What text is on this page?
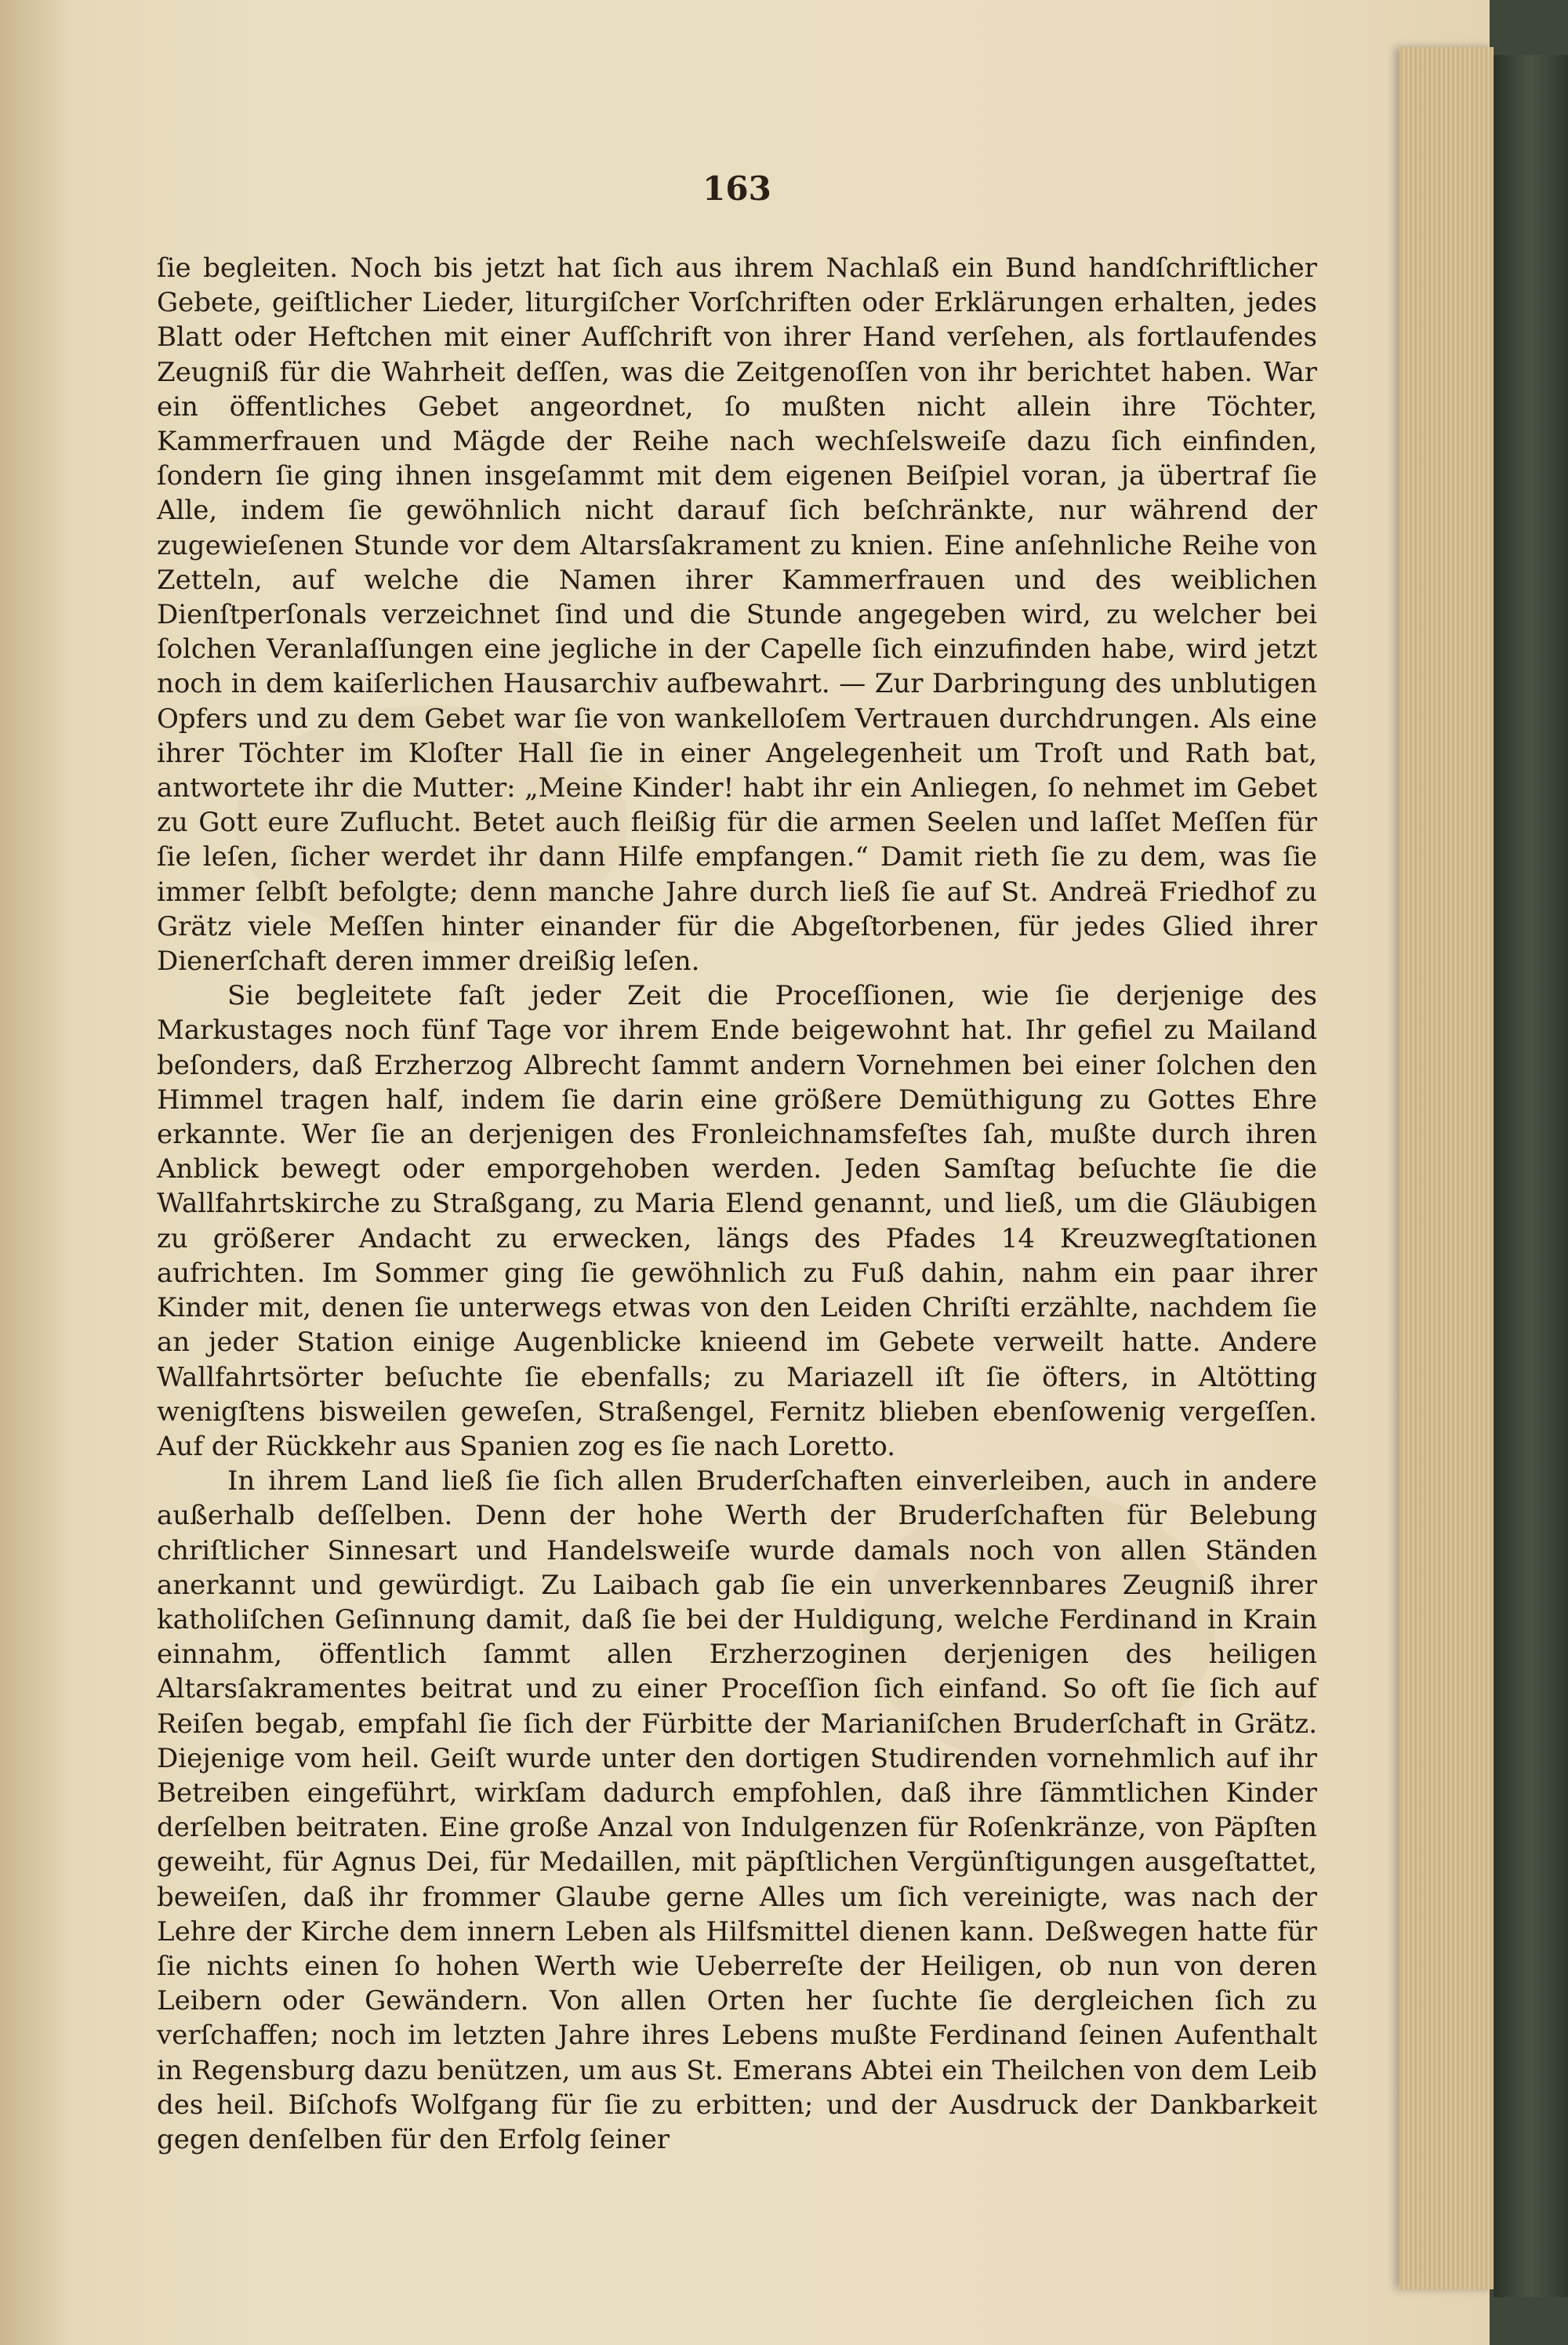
163

ſie begleiten. Noch bis jetzt hat ſich aus ihrem Nachlaß ein Bund handſchriftlicher Gebete, geiſtlicher Lieder, liturgiſcher Vorſchriften oder Erklärungen erhalten, jedes Blatt oder Heftchen mit einer Aufſchrift von ihrer Hand verſehen, als fortlaufendes Zeugniß für die Wahrheit deſſen, was die Zeitgenoſſen von ihr berichtet haben. War ein öffentliches Gebet angeordnet, ſo mußten nicht allein ihre Töchter, Kammerfrauen und Mägde der Reihe nach wechſelsweiſe dazu ſich einfinden, ſondern ſie ging ihnen insgeſammt mit dem eigenen Beiſpiel voran, ja übertraf ſie Alle, indem ſie gewöhnlich nicht darauf ſich beſchränkte, nur während der zugewieſenen Stunde vor dem Altarsſakrament zu knien. Eine anſehnliche Reihe von Zetteln, auf welche die Namen ihrer Kammerfrauen und des weiblichen Dienſtperſonals verzeichnet ſind und die Stunde angegeben wird, zu welcher bei ſolchen Veranlaſſungen eine jegliche in der Capelle ſich einzufinden habe, wird jetzt noch in dem kaiſerlichen Hausarchiv aufbewahrt. — Zur Darbringung des unblutigen Opfers und zu dem Gebet war ſie von wankelloſem Vertrauen durchdrungen. Als eine ihrer Töchter im Kloſter Hall ſie in einer Angelegenheit um Troſt und Rath bat, antwortete ihr die Mutter: „Meine Kinder! habt ihr ein Anliegen, ſo nehmet im Gebet zu Gott eure Zuflucht. Betet auch fleißig für die armen Seelen und laſſet Meſſen für ſie leſen, ſicher werdet ihr dann Hilfe empfangen.“ Damit rieth ſie zu dem, was ſie immer ſelbſt befolgte; denn manche Jahre durch ließ ſie auf St. Andreä Friedhof zu Grätz viele Meſſen hinter einander für die Abgeſtorbenen, für jedes Glied ihrer Dienerſchaft deren immer dreißig leſen.

Sie begleitete faſt jeder Zeit die Proceſſionen, wie ſie derjenige des Markustages noch fünf Tage vor ihrem Ende beigewohnt hat. Ihr gefiel zu Mailand beſonders, daß Erzherzog Albrecht ſammt andern Vornehmen bei einer ſolchen den Himmel tragen half, indem ſie darin eine größere Demüthigung zu Gottes Ehre erkannte. Wer ſie an derjenigen des Fronleichnamsfeſtes ſah, mußte durch ihren Anblick bewegt oder emporgehoben werden. Jeden Samſtag beſuchte ſie die Wallfahrtskirche zu Straßgang, zu Maria Elend genannt, und ließ, um die Gläubigen zu größerer Andacht zu erwecken, längs des Pfades 14 Kreuzwegſtationen aufrichten. Im Sommer ging ſie gewöhnlich zu Fuß dahin, nahm ein paar ihrer Kinder mit, denen ſie unterwegs etwas von den Leiden Chriſti erzählte, nachdem ſie an jeder Station einige Augenblicke knieend im Gebete verweilt hatte. Andere Wallfahrtsörter beſuchte ſie ebenfalls; zu Mariazell iſt ſie öfters, in Altötting wenigſtens bisweilen geweſen, Straßengel, Fernitz blieben ebenſowenig vergeſſen. Auf der Rückkehr aus Spanien zog es ſie nach Loretto.

In ihrem Land ließ ſie ſich allen Bruderſchaften einverleiben, auch in andere außerhalb deſſelben. Denn der hohe Werth der Bruderſchaften für Belebung chriſtlicher Sinnesart und Handelsweiſe wurde damals noch von allen Ständen anerkannt und gewürdigt. Zu Laibach gab ſie ein unverkennbares Zeugniß ihrer katholiſchen Geſinnung damit, daß ſie bei der Huldigung, welche Ferdinand in Krain einnahm, öffentlich ſammt allen Erzherzoginen derjenigen des heiligen Altarsſakramentes beitrat und zu einer Proceſſion ſich einfand. So oft ſie ſich auf Reiſen begab, empfahl ſie ſich der Fürbitte der Marianiſchen Bruderſchaft in Grätz. Diejenige vom heil. Geiſt wurde unter den dortigen Studirenden vornehmlich auf ihr Betreiben eingeführt, wirkſam dadurch empfohlen, daß ihre ſämmtlichen Kinder derſelben beitraten. Eine große Anzal von Indulgenzen für Roſenkränze, von Päpſten geweiht, für Agnus Dei, für Medaillen, mit päpſtlichen Vergünſtigungen ausgeſtattet, beweiſen, daß ihr frommer Glaube gerne Alles um ſich vereinigte, was nach der Lehre der Kirche dem innern Leben als Hilfsmittel dienen kann. Deßwegen hatte für ſie nichts einen ſo hohen Werth wie Ueberreſte der Heiligen, ob nun von deren Leibern oder Gewändern. Von allen Orten her ſuchte ſie dergleichen ſich zu verſchaffen; noch im letzten Jahre ihres Lebens mußte Ferdinand ſeinen Aufenthalt in Regensburg dazu benützen, um aus St. Emerans Abtei ein Theilchen von dem Leib des heil. Biſchofs Wolfgang für ſie zu erbitten; und der Ausdruck der Dankbarkeit gegen denſelben für den Erfolg ſeiner
